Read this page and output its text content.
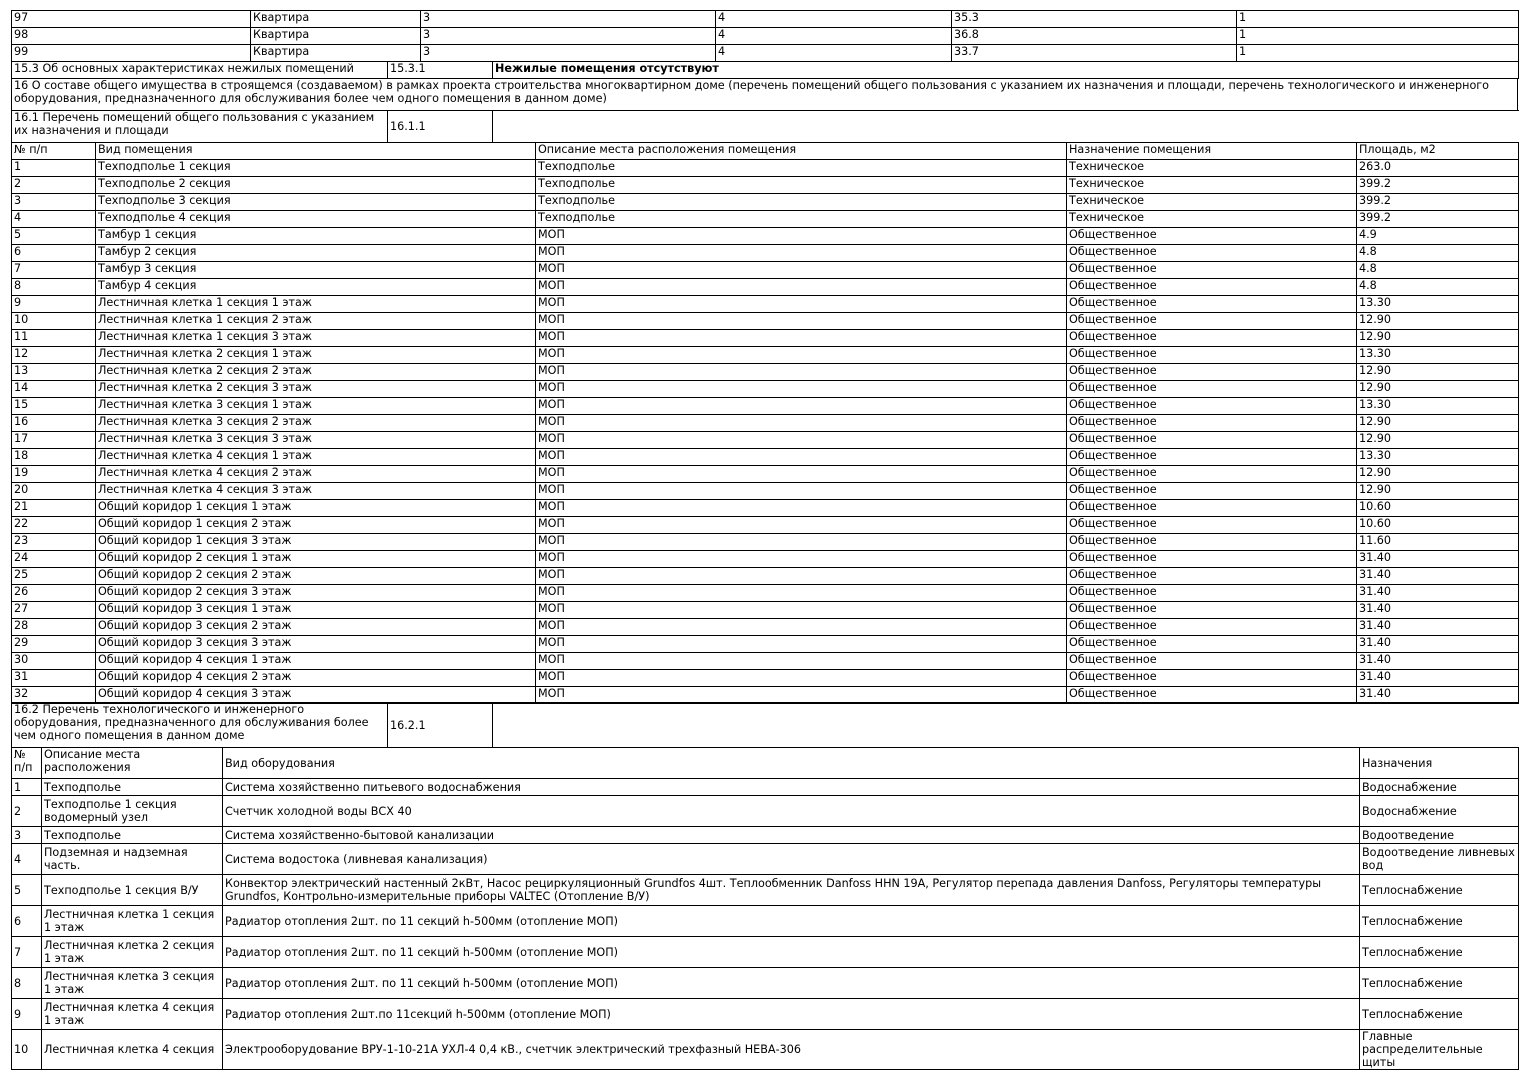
97	Квартира	3	4	35.3	1
98	Квартира	3	4	36.8	1
99	Квартира	3	4	33.7	1
15.3 Об основных характеристиках нежилых помещений	15.3.1	Нежилые помещения отсутствуют
16 О составе общего имущества в строящемся (создаваемом) в рамках проекта строительства многоквартирном доме (перечень помещений общего пользования с указанием их назначения и площади, перечень технологического и инженерного оборудования, предназначенного для обслуживания более чем одного помещения в данном доме)
16.1 Перечень помещений общего пользования с указанием их назначения и площади	16.1.1	
№ п/п	Вид помещения	Описание места расположения помещения	Назначение помещения	Площадь, м2
1	Техподполье 1 секция	Техподполье	Техническое	263.0
2	Техподполье 2 секция	Техподполье	Техническое	399.2
3	Техподполье 3 секция	Техподполье	Техническое	399.2
4	Техподполье 4 секция	Техподполье	Техническое	399.2
5	Тамбур 1 секция	МОП	Общественное	4.9
6	Тамбур 2 секция	МОП	Общественное	4.8
7	Тамбур 3 секция	МОП	Общественное	4.8
8	Тамбур 4 секция	МОП	Общественное	4.8
9	Лестничная клетка 1 секция 1 этаж	МОП	Общественное	13.30
10	Лестничная клетка 1 секция 2 этаж	МОП	Общественное	12.90
11	Лестничная клетка 1 секция 3 этаж	МОП	Общественное	12.90
12	Лестничная клетка 2 секция 1 этаж	МОП	Общественное	13.30
13	Лестничная клетка 2 секция 2 этаж	МОП	Общественное	12.90
14	Лестничная клетка 2 секция 3 этаж	МОП	Общественное	12.90
15	Лестничная клетка 3 секция 1 этаж	МОП	Общественное	13.30
16	Лестничная клетка 3 секция 2 этаж	МОП	Общественное	12.90
17	Лестничная клетка 3 секция 3 этаж	МОП	Общественное	12.90
18	Лестничная клетка 4 секция 1 этаж	МОП	Общественное	13.30
19	Лестничная клетка 4 секция 2 этаж	МОП	Общественное	12.90
20	Лестничная клетка 4 секция 3 этаж	МОП	Общественное	12.90
21	Общий коридор 1 секция 1 этаж	МОП	Общественное	10.60
22	Общий коридор 1 секция 2 этаж	МОП	Общественное	10.60
23	Общий коридор 1 секция 3 этаж	МОП	Общественное	11.60
24	Общий коридор 2 секция 1 этаж	МОП	Общественное	31.40
25	Общий коридор 2 секция 2 этаж	МОП	Общественное	31.40
26	Общий коридор 2 секция 3 этаж	МОП	Общественное	31.40
27	Общий коридор 3 секция 1 этаж	МОП	Общественное	31.40
28	Общий коридор 3 секция 2 этаж	МОП	Общественное	31.40
29	Общий коридор 3 секция 3 этаж	МОП	Общественное	31.40
30	Общий коридор 4 секция 1 этаж	МОП	Общественное	31.40
31	Общий коридор 4 секция 2 этаж	МОП	Общественное	31.40
32	Общий коридор 4 секция 3 этаж	МОП	Общественное	31.40
16.2 Перечень технологического и инженерного оборудования, предназначенного для обслуживания более чем одного помещения в данном доме	16.2.1	
№ п/п	Описание места расположения	Вид оборудования	Назначения
1	Техподполье	Система хозяйственно питьевого водоснабжения	Водоснабжение
2	Техподполье 1 секция водомерный узел	Счетчик холодной воды ВСХ 40	Водоснабжение
3	Техподполье	Система хозяйственно-бытовой канализации	Водоотведение
4	Подземная и надземная часть.	Система водостока (ливневая канализация)	Водоотведение ливневых вод
5	Техподполье 1 секция В/У	Конвектор электрический настенный 2кВт, Насос рециркуляционный Grundfos 4шт. Теплообменник Danfoss HHN 19A, Регулятор перепада давления Danfoss, Регуляторы температуры Grundfos, Контрольно-измерительные приборы VALTEC (Отопление В/У)	Теплоснабжение
6	Лестничная клетка 1 секция 1 этаж	Радиатор отопления 2шт. по 11 секций h-500мм (отопление МОП)	Теплоснабжение
7	Лестничная клетка 2 секция 1 этаж	Радиатор отопления 2шт. по 11 секций h-500мм (отопление МОП)	Теплоснабжение
8	Лестничная клетка 3 секция 1 этаж	Радиатор отопления 2шт. по 11 секций h-500мм (отопление МОП)	Теплоснабжение
9	Лестничная клетка 4 секция 1 этаж	Радиатор отопления 2шт.по 11секций h-500мм (отопление МОП)	Теплоснабжение
10	Лестничная клетка 4 секция	Электрооборудование ВРУ-1-10-21А УХЛ-4 0,4 кВ., счетчик электрический трехфазный НЕВА-306	Главные распределительные щиты
